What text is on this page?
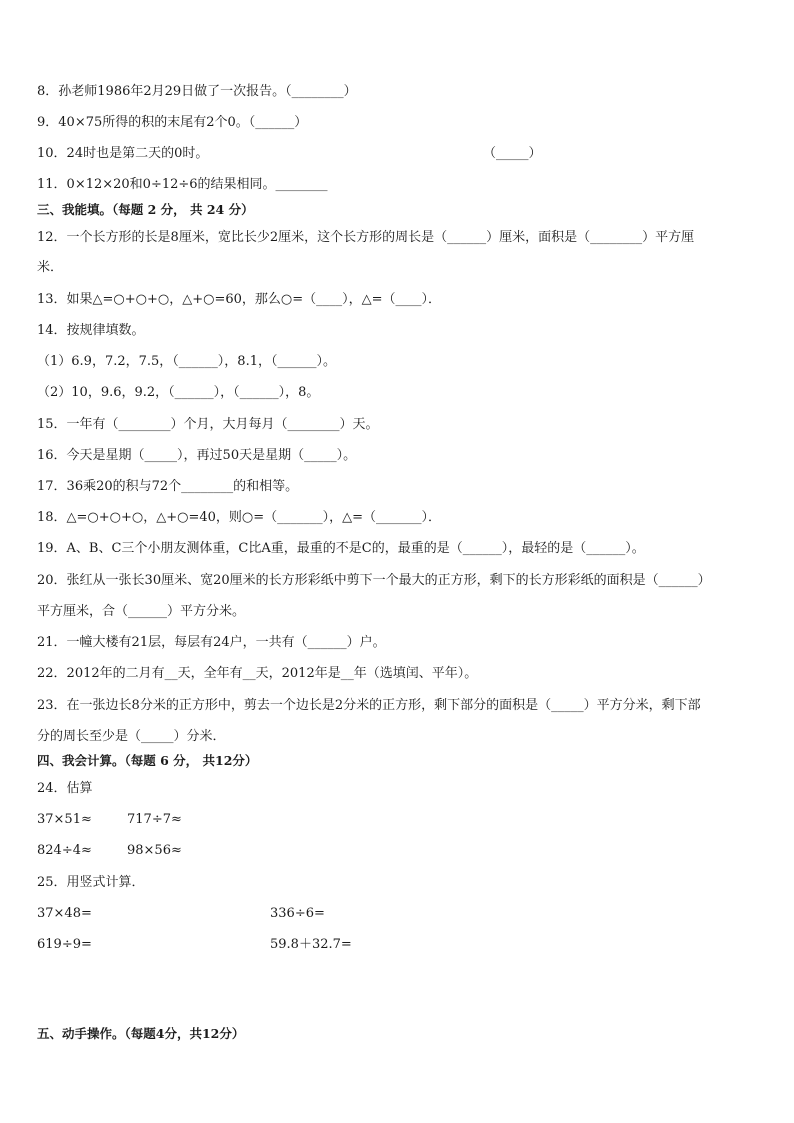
8．孙老师1986年2月29日做了一次报告。（________）
9．40×75所得的积的末尾有2个0。（______）
10．24时也是第二天的0时。	（_____）
11．0×12×20和0÷12÷6的结果相同。________
三、我能填。（每题 2 分， 共 24 分）
12．一个长方形的长是8厘米，宽比长少2厘米，这个长方形的周长是（______）厘米，面积是（________）平方厘
米．
13．如果△=○+○+○，△+○=60，那么○=（____），△=（____）．
14．按规律填数。
（1）6.9，7.2，7.5，（______），8.1，（______）。
（2）10，9.6，9.2，（______），（______），8。
15．一年有（________）个月，大月每月（________）天。
16．今天是星期（_____），再过50天是星期（_____）。
17．36乘20的积与72个________的和相等。
18．△=○+○+○，△+○=40，则○=（_______），△=（_______）．
19．A、B、C三个小朋友测体重，C比A重，最重的不是C的，最重的是（______），最轻的是（______）。
20．张红从一张长30厘米、宽20厘米的长方形彩纸中剪下一个最大的正方形，剩下的长方形彩纸的面积是（______）
平方厘米，合（______）平方分米。
21．一幢大楼有21层，每层有24户，一共有（______）户。
22．2012年的二月有__天，全年有__天，2012年是__年（选填闰、平年）。
23．在一张边长8分米的正方形中，剪去一个边长是2分米的正方形，剩下部分的面积是（_____）平方分米，剩下部
分的周长至少是（_____）分米．
四、我会计算。（每题 6 分， 共12分）
24．估算
37×51≈	717÷7≈
824÷4≈	98×56≈
25．用竖式计算．
37×48=	336÷6=
619÷9=	59.8＋32.7=
五、动手操作。（每题4分，共12分）
